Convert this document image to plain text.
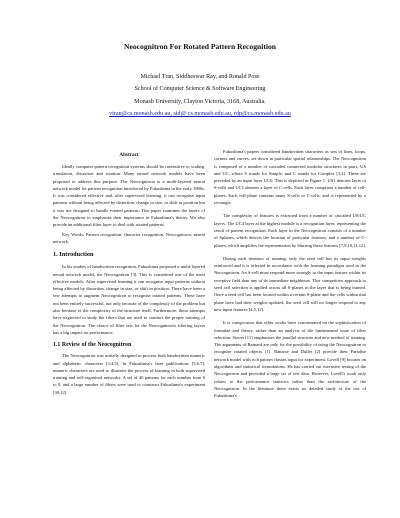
Neocognitron For Rotated Pattern Recognition
Michael Tran, Siddheswar Ray, and Ronald Pose
School of Computer Science & Software Engineering
Monash University, Clayton Victoria, 3168, Australia.
vtran@cs.monash.edu.au, sid@ cs.monash.edu.au, rdp@cs.monash.edu.au
Abstract

Ideally computer pattern recognition systems should be insensitive to scaling, translation, distortion and rotation. Many neural network models have been proposed to address this purpose. The Neocognitron is a multi-layered neural network model for pattern recognition introduced by Fukushima in the early 1980s. It was considered effective and, after supervised learning, it can recognise input patterns without being affected by distortion, change in size, or shift in position but it was not designed to handle rotated patterns. This paper examines the layers of the Neocognitron to emphasize their importance in Fukushima's theory. We also provide an additional filter layer to deal with rotated patterns.

Key Words: Pattern recognition, character recognition, Neocognitron, neural network.

1. Introduction

In his studies of handwritten recognition, Fukushima proposed a multi-layered neural network model, the Neocognitron [3]. This is considered one of the most effective models. After supervised learning it can recognise input patterns without being affected by distortion, change in size, or shift in position. There have been a few attempts to augment Neocognitron to recognise rotated patterns. These have not been entirely successful, not only because of the complexity of the problem but also because of the complexity of the structure itself. Furthermore, these attempts have neglected to study the filters that are used to conduct the proper training of the Neocognitron. The choice of filter sets for the Neocognitron's filtering layers has a big impact on performance.

1.1 Review of the Neocognitron

The Neocognitron was initially designed to process both handwritten numeric and alphabetic characters [3,4,5]. In Fukushima's later publications [5,6,7], numeric characters are used to illustrate the process of learning in both supervised training and self-organised networks. A set of 40 patterns for each number from 0 to 9, and a large number of filters were used to construct Fukushima's experiment [30,12].

Fukushima's papers considered handwritten characters as sets of lines, loops, corners and curves, set down in particular spatial relationships. The Neocognitron is composed of a number of cascaded connected modular structures in pairs, US and UC, where S stands for Simple, and C stands for Complex [3,4]. These are preceded by an input layer UC0. This is depicted in Figure 1. US1 denotes layer of S-cells and UC1 denotes a layer of C-cells. Each layer comprises a number of cell-planes. Each cell-plane contains many S-cells or C-cells, and is represented by a rectangle.

The complexity of features is extracted from a number of cascaded US/UC layers. The UC4 layer at the highest module is a recognition layer, representing the result of pattern recognition. Each layer in the Neocognitron consists of a number of Splanes, which detects the location of particular features, and a number of C-planes, which amplifies the representation by blurring these features [7,9,10,11,12].

During each iteration of training, only the seed cell has its input weights reinforced and it is selected in accordance with the learning paradigm used in the Neocognitron. An S-cell must respond more strongly to the input feature within its receptive field than any of its immediate neighbours. This competitive approach to seed cell selection is applied across all S-planes in the layer that is being trained. Once a seed cell has been located within a certain S-plane and the cells within that plane have had their weights updated, the seed cell will no longer respond to any new input features [4,5,12].

It is conspicuous that other works have concentrated on the sophistication of formulae and theory, rather than an analysis of the fundamental issue of filter selection. Sieuer [11] emphasises the parallel structure and new method of training. The arguments of Barnard are only for the possibility of using the Neocognitron to recognise rotated objects [1]. Banarse and Duller [2] provide their Paradise network model with rich pattern classes input for experiment. Lovell [9] focuses on algorithms and statistical formulations. He has carried out extensive testing of the Neocognitron and provided a large set of test data. However, Lovell's work only relates to the performance statistics rather than the architecture of the Neocognitron. In the literature there exists no detailed study of the use of Fukushima's
